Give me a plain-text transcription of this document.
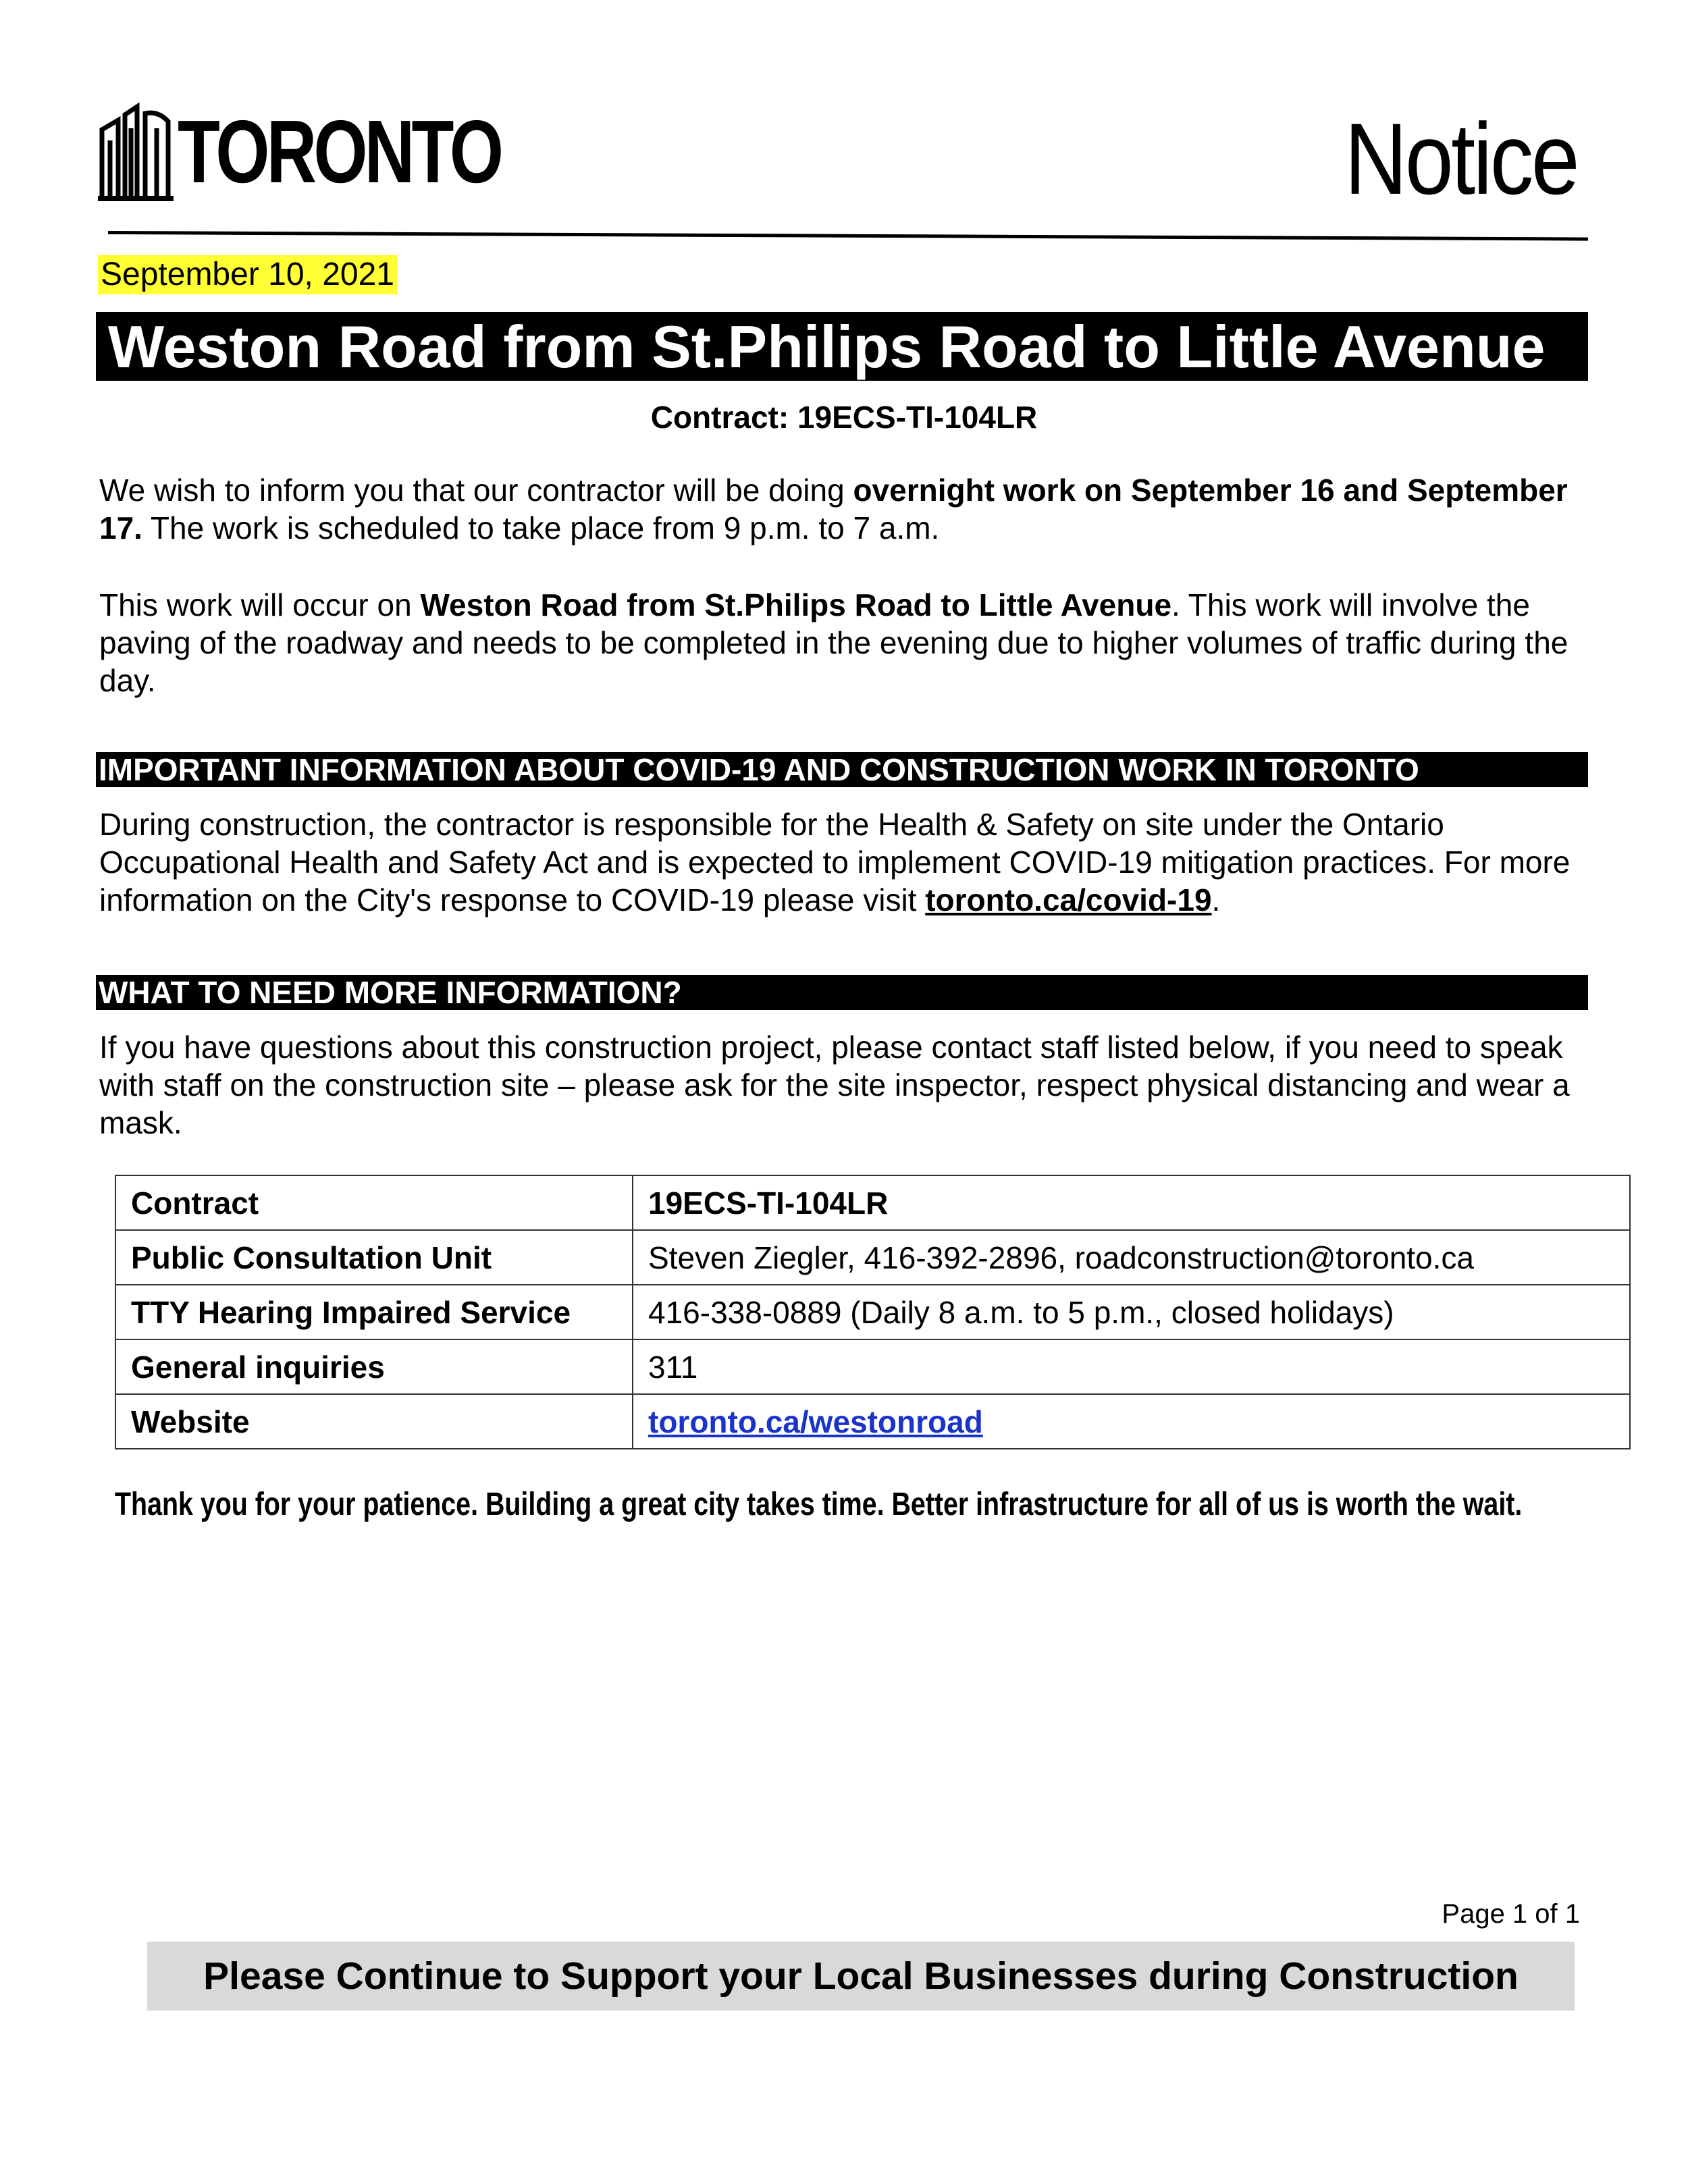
TORONTO	Notice
September 10, 2021
Weston Road from St.Philips Road to Little Avenue
Contract: 19ECS-TI-104LR
We wish to inform you that our contractor will be doing overnight work on September 16 and September 17. The work is scheduled to take place from 9 p.m. to 7 a.m.
This work will occur on Weston Road from St.Philips Road to Little Avenue. This work will involve the paving of the roadway and needs to be completed in the evening due to higher volumes of traffic during the day.
IMPORTANT INFORMATION ABOUT COVID-19 AND CONSTRUCTION WORK IN TORONTO
During construction, the contractor is responsible for the Health & Safety on site under the Ontario Occupational Health and Safety Act and is expected to implement COVID-19 mitigation practices. For more information on the City's response to COVID-19 please visit toronto.ca/covid-19.
WHAT TO NEED MORE INFORMATION?
If you have questions about this construction project, please contact staff listed below, if you need to speak with staff on the construction site – please ask for the site inspector, respect physical distancing and wear a mask.
Contract	19ECS-TI-104LR
Public Consultation Unit	Steven Ziegler, 416-392-2896, roadconstruction@toronto.ca
TTY Hearing Impaired Service	416-338-0889 (Daily 8 a.m. to 5 p.m., closed holidays)
General inquiries	311
Website	toronto.ca/westonroad
Thank you for your patience. Building a great city takes time. Better infrastructure for all of us is worth the wait.
Page 1 of 1
Please Continue to Support your Local Businesses during Construction
